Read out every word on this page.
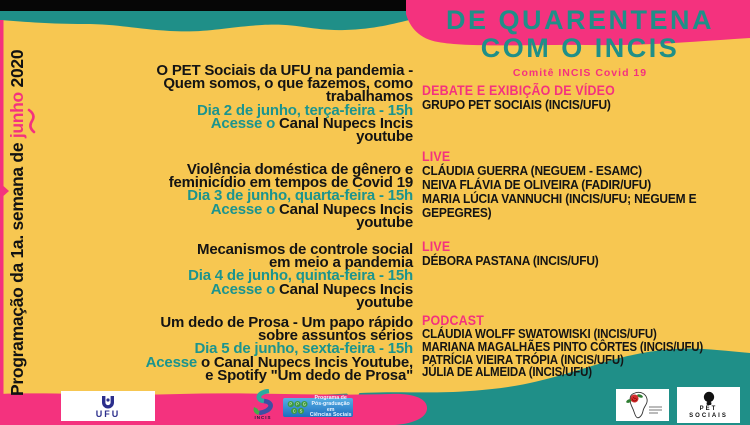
Programação da 1a. semana de junho 2020
DE QUARENTENA
COM O INCIS
Comitê INCIS Covid 19
O PET Sociais da UFU na pandemia -
Quem somos, o que fazemos, como
trabalhamos
Dia 2 de junho, terça-feira - 15h
Acesse o Canal Nupecs Incis
youtube
Violência doméstica de gênero e
feminicídio em tempos de Covid 19
Dia 3 de junho, quarta-feira - 15h
Acesse o Canal Nupecs Incis
youtube
Mecanismos de controle social
em meio a pandemia
Dia 4 de junho, quinta-feira - 15h
Acesse o Canal Nupecs Incis
youtube
Um dedo de Prosa - Um papo rápido
sobre assuntos sérios
Dia 5 de junho, sexta-feira - 15h
Acesse o Canal Nupecs Incis Youtube,
e Spotify "Um dedo de Prosa"
DEBATE E EXIBIÇÃO DE VÍDEO
GRUPO PET SOCIAIS (INCIS/UFU)
LIVE
CLÁUDIA GUERRA (NEGUEM - ESAMC)
NEIVA FLÁVIA DE OLIVEIRA (FADIR/UFU)
MARIA LÚCIA VANNUCHI (INCIS/UFU; NEGUEM E GEPEGRES)
LIVE
DÉBORA PASTANA (INCIS/UFU)
PODCAST
CLÁUDIA WOLFF SWATOWISKI (INCIS/UFU)
MARIANA MAGALHÃES PINTO CÔRTES (INCIS/UFU)
PATRÍCIA VIEIRA TRÓPIA (INCIS/UFU)
JÚLIA DE ALMEIDA (INCIS/UFU)
UFU	INCIS
P P G
C S
Programa de Pós-graduação em
Ciências Sociais
PET
SOCIAIS
